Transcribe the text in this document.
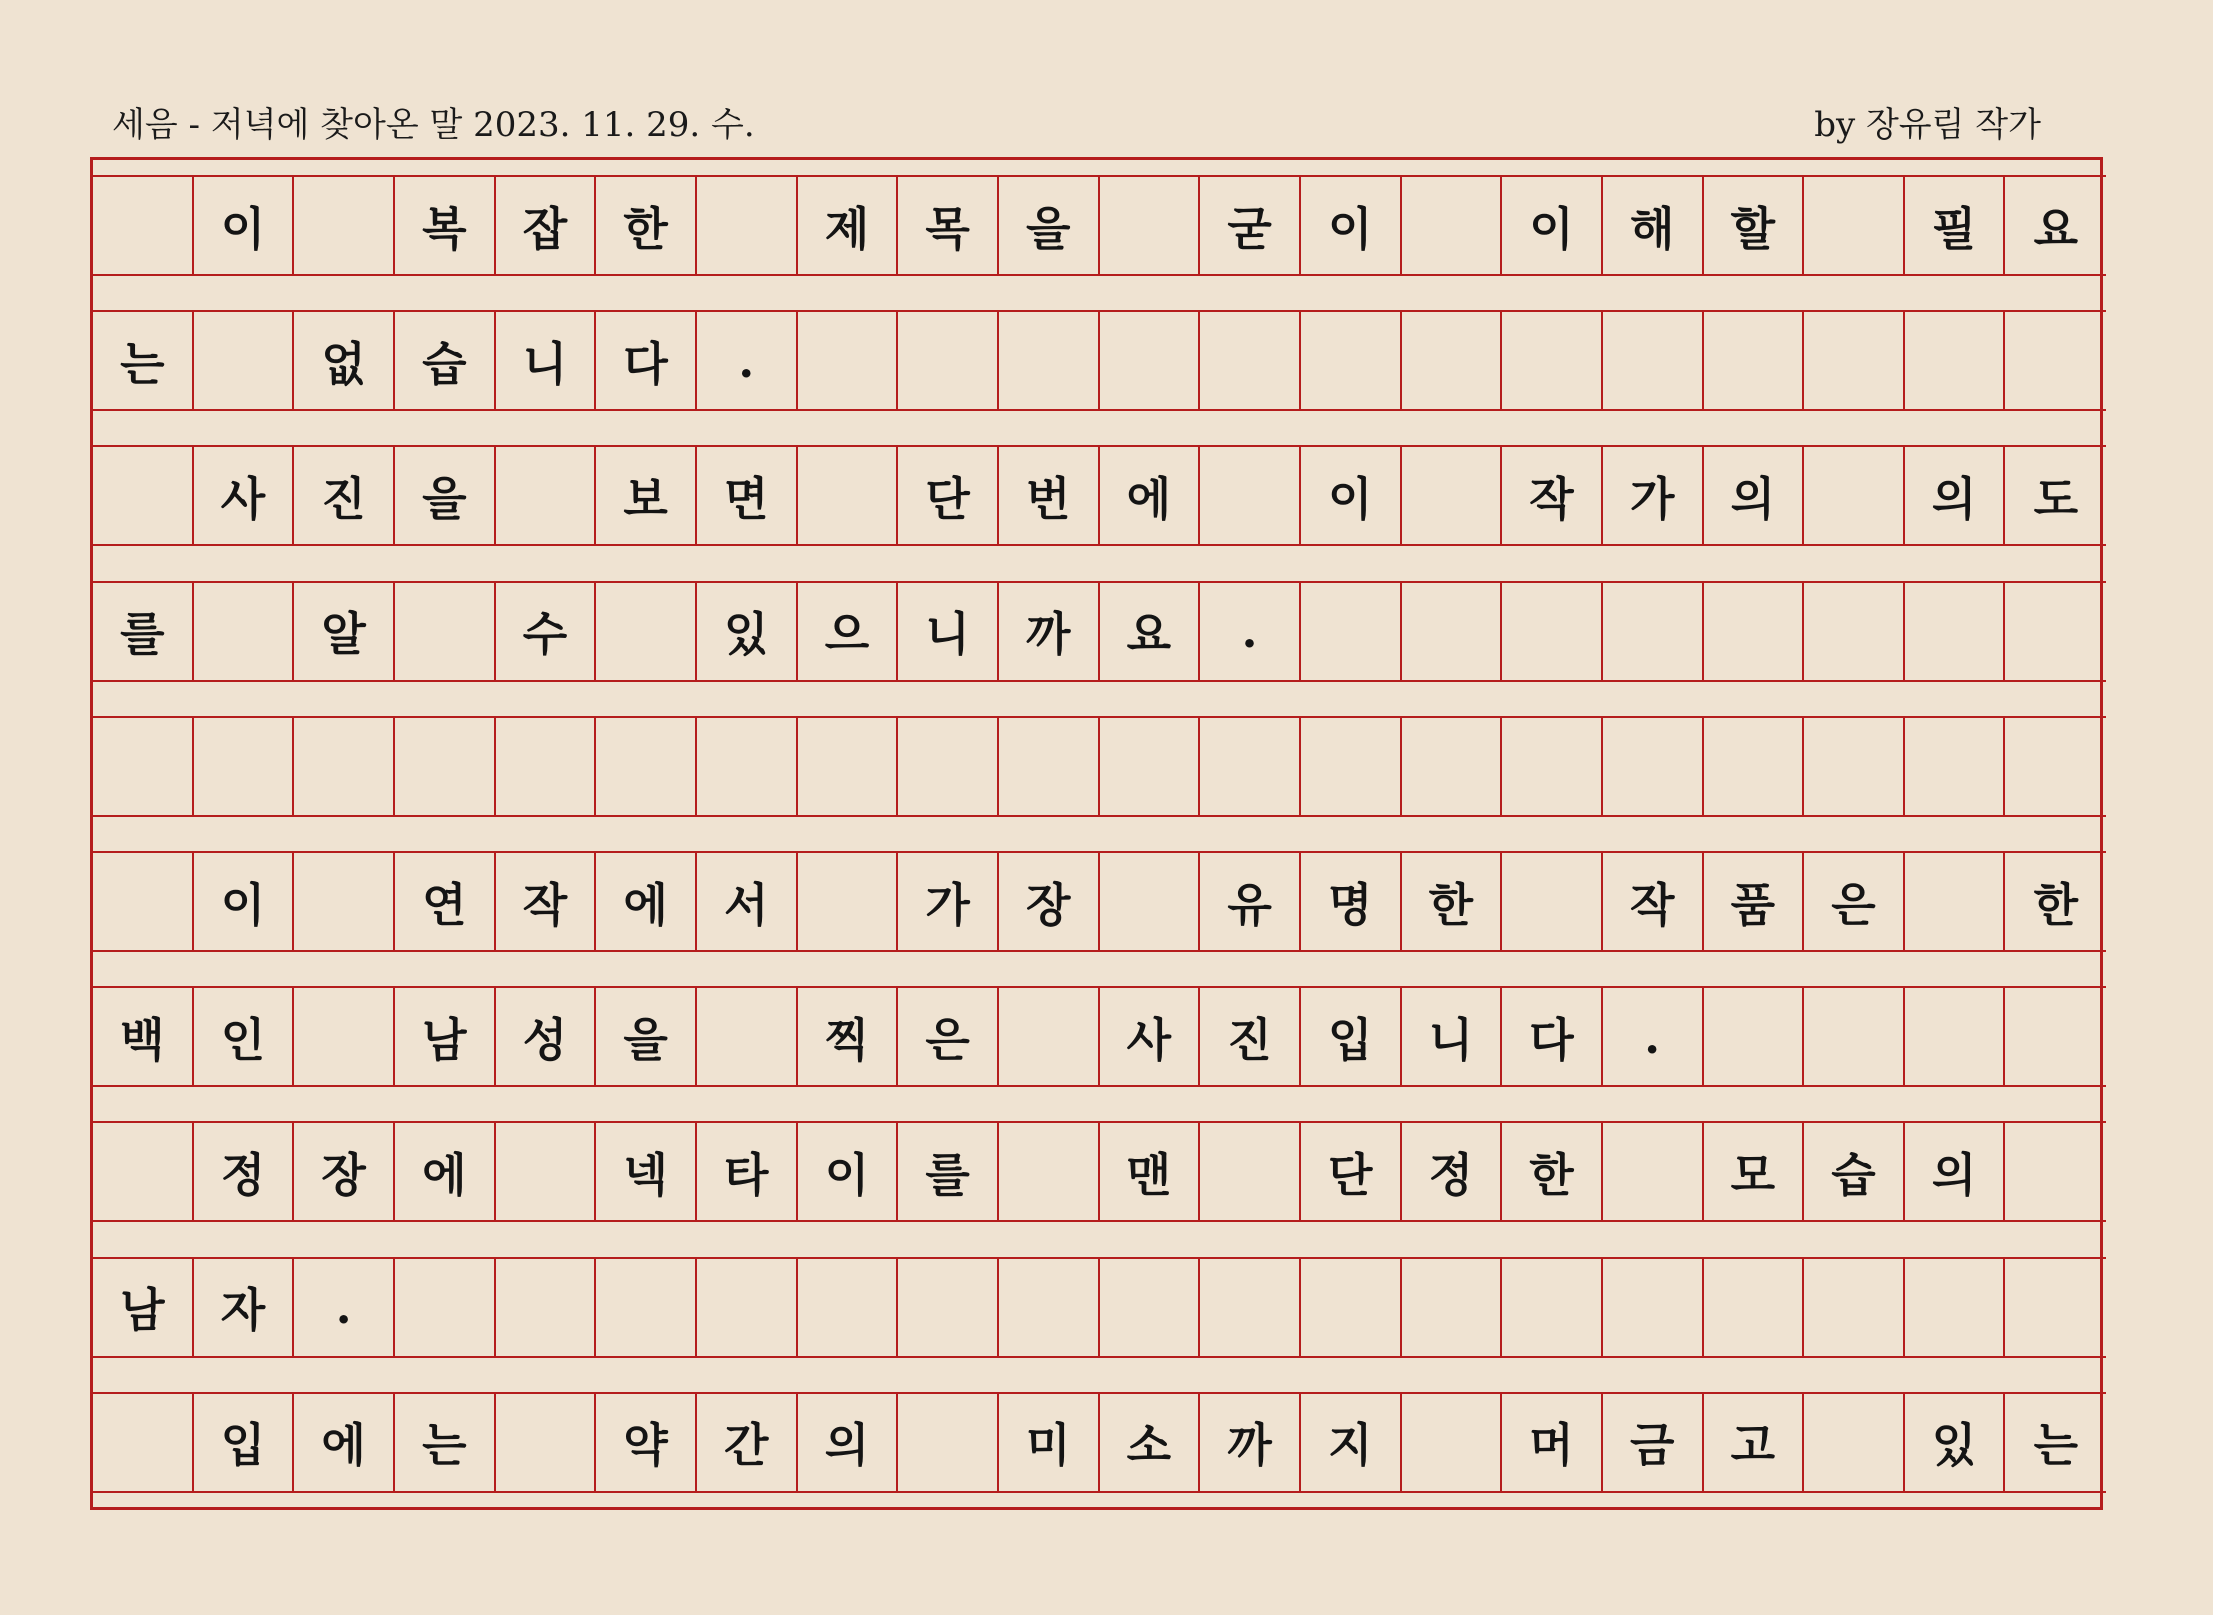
세음 - 저녁에 찾아온 말 2023. 11. 29. 수.	by 장유림 작가
이	복	잡	한	제	목	을	굳	이	이	해	할	필	요
는	없	습	니	다	.
사	진	을	보	면	단	번	에	이	작	가	의	의	도
를	알	수	있	으	니	까	요	.
이	연	작	에	서	가	장	유	명	한	작	품	은	한
백	인	남	성	을	찍	은	사	진	입	니	다	.
정	장	에	넥	타	이	를	맨	단	정	한	모	습	의
남	자	.
입	에	는	약	간	의	미	소	까	지	머	금	고	있	는
